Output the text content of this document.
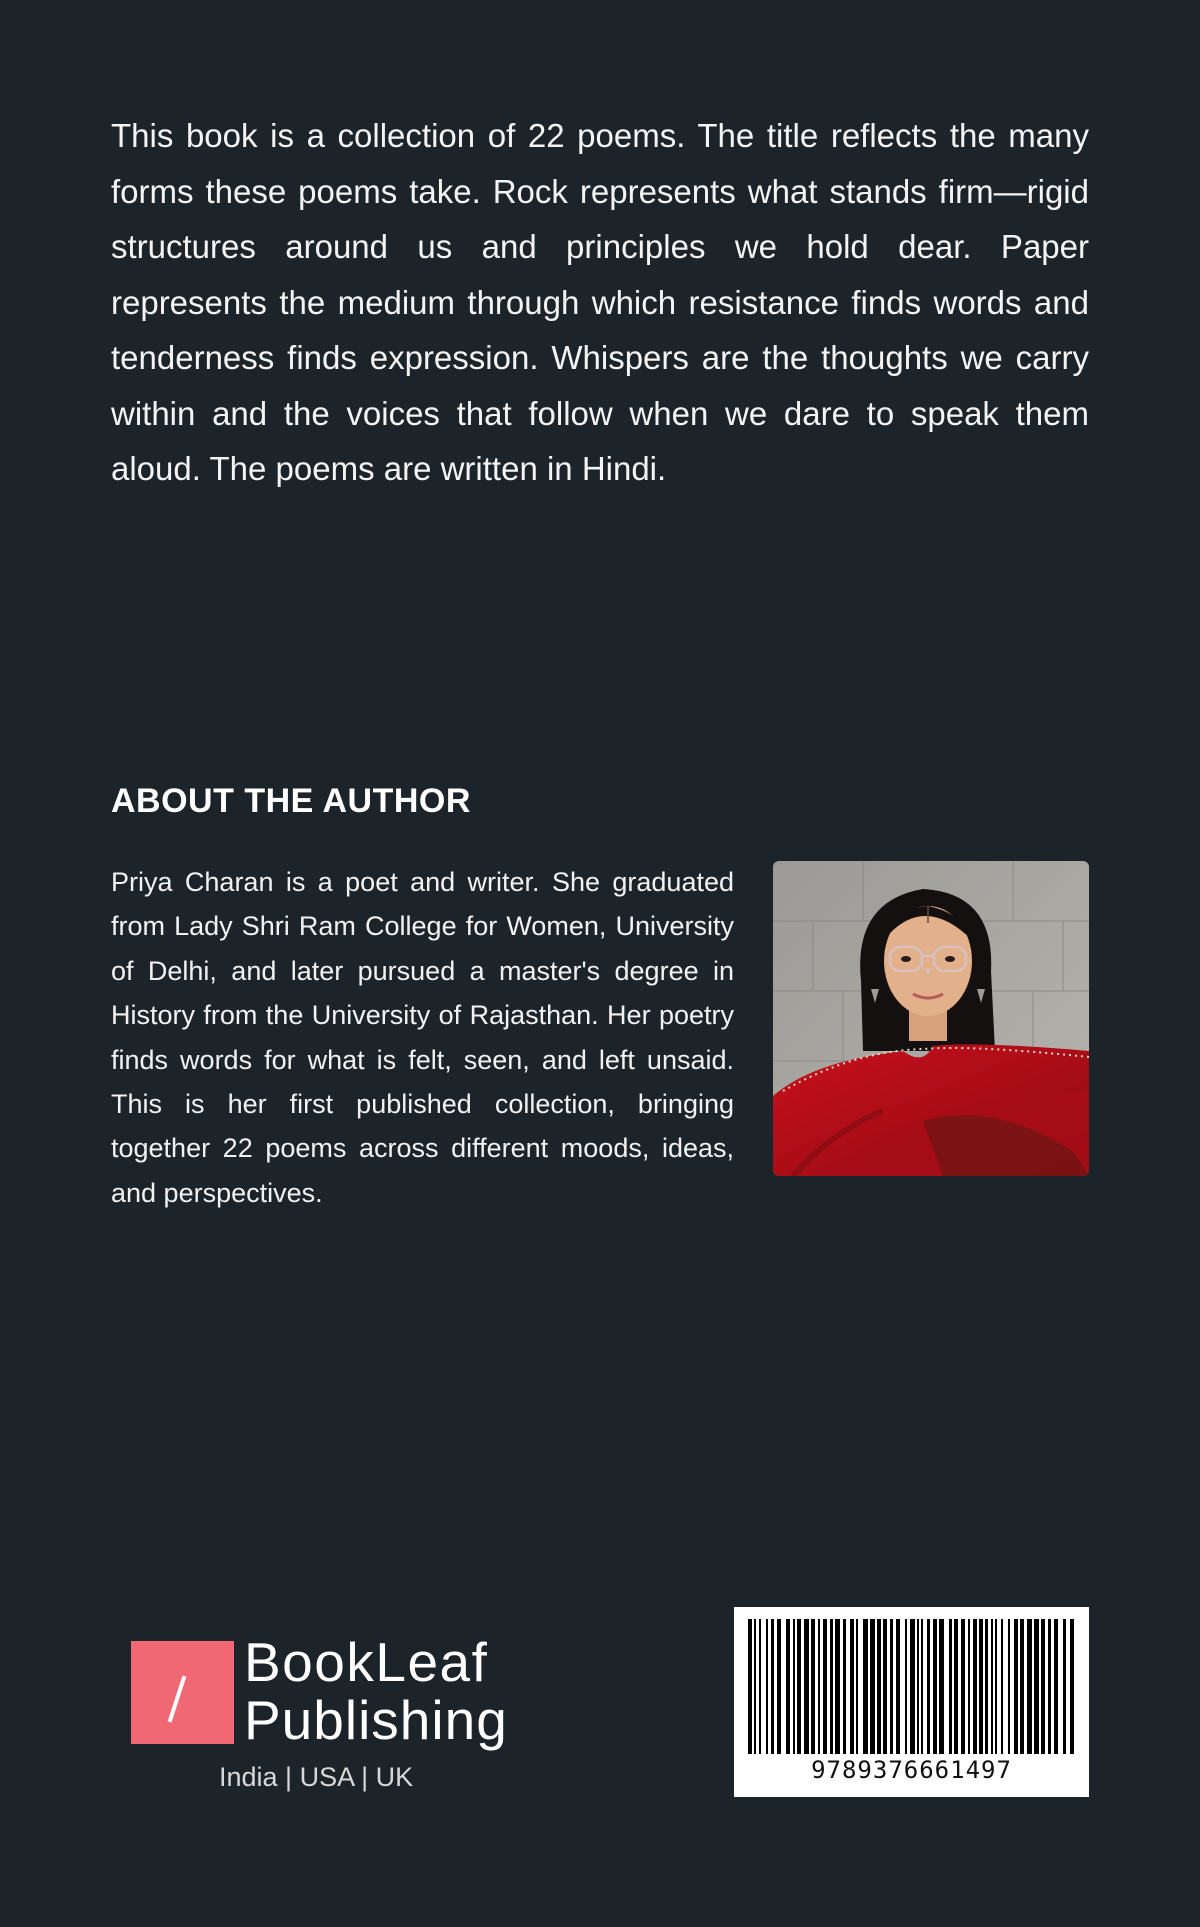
This book is a collection of 22 poems. The title reflects the many forms these poems take. Rock represents what stands firm—rigid structures around us and principles we hold dear. Paper represents the medium through which resistance finds words and tenderness finds expression. Whispers are the thoughts we carry within and the voices that follow when we dare to speak them aloud. The poems are written in Hindi.

ABOUT THE AUTHOR

Priya Charan is a poet and writer. She graduated from Lady Shri Ram College for Women, University of Delhi, and later pursued a master's degree in History from the University of Rajasthan. Her poetry finds words for what is felt, seen, and left unsaid. This is her first published collection, bringing together 22 poems across different moods, ideas, and perspectives.

BookLeaf
Publishing
India | USA | UK	9789376661497
